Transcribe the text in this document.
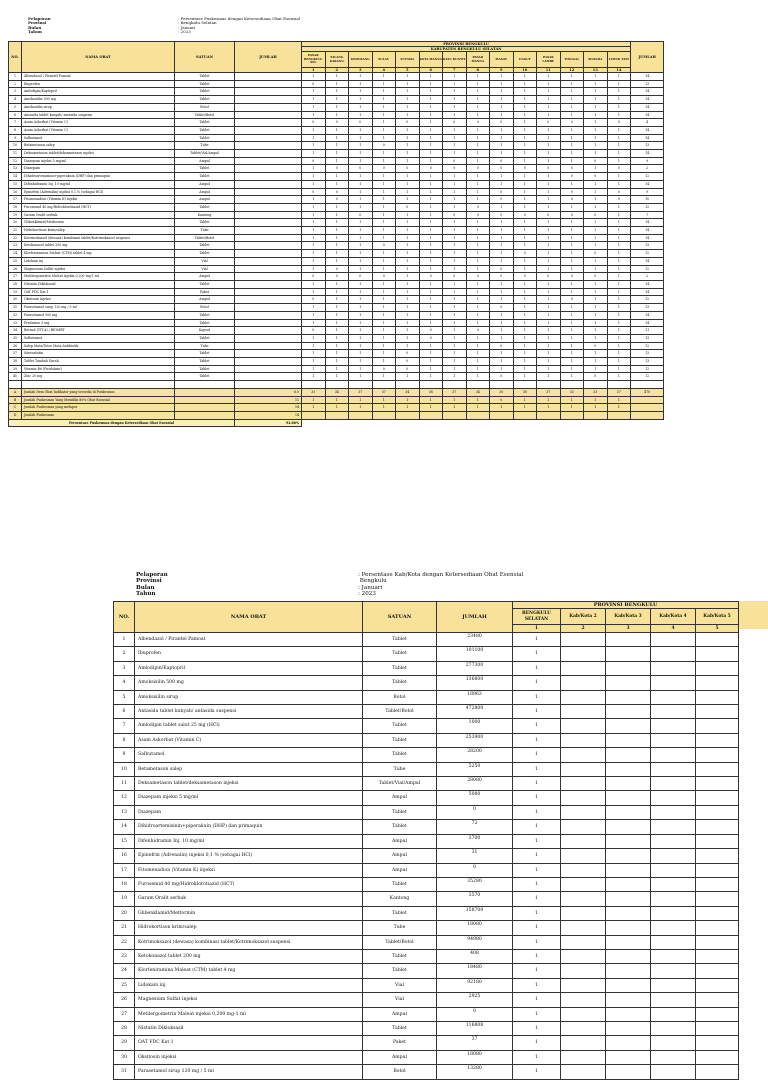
Pelaporan	: Persentase Puskesmas dengan Ketersediaan Obat Esensial
Provinsi	: Bengkulu Selatan
Bulan	: Januari
Tahun	: 2023
NO.	NAMA OBAT	SATUAN	JUMLAH	PROVINSI BENGKULU														JUMLAH
				KABUPATEN BENGKULU SELATAN														
				PASAR BENGKULU SEL	TALANG KARANG	KEDURANG	SULAU	SUTAMA	KOTA MANNA	KAYU KUNYIT	PASAR MANNA	MASAT	UNGUT	PASAR LAMBE	TINGGAL	SIGINDA	LUBUK TAPI	
				1	2	3	4	5	6	7	8	9	10	11	12	13	14	
1	Albendazol / Pirantel Pamoat	Tablet		1	1	1	1	1	1	1	1	1	1	1	1	1	1	14
2	Ibuprofen	Tablet		0	1	1	1	1	1	1	1	1	1	1	1	1	1	13
3	Amlodipin/Kaptopril	Tablet		1	1	1	1	1	1	1	1	1	1	1	1	1	1	14
4	Amoksisilin 500 mg	Tablet		1	1	1	1	1	1	1	1	1	1	1	1	1	1	14
5	Amoksisilin sirup	Botol		1	1	1	1	1	1	1	1	1	1	1	1	1	1	14
6	Antasida tablet kunyah/ antasida suspensi	Tablet/Botol		1	1	1	1	1	1	1	1	1	1	1	1	1	1	14
7	Asam Askorbat (Vitamin C)	Tablet		0	0	0	1	0	1	0	0	0	1	0	0	1	0	4
8	Asam Askorbat (Vitamin C)	Tablet		1	1	1	1	1	1	1	1	1	1	1	1	1	1	14
9	Salbutamol	Tablet		1	1	1	1	1	1	1	1	1	1	1	1	1	1	14
10	Betametason salep	Tube		1	1	1	0	1	1	1	1	1	1	1	1	1	1	13
11	Deksametason tablet/deksametason injeksi	Tablet/Vial/Ampul		1	1	1	1	1	1	1	1	1	1	1	1	1	1	14
12	Diazepam injeksi 5 mg/ml	Ampul		0	1	1	1	1	1	0	1	0	1	1	1	0	1	9
13	Diazepam	Tablet		1	0	0	0	0	0	0	0	0	0	0	0	1	0	2
14	Dihidroartemisinin+piperakuin (DHP) dan primaquin	Tablet		1	1	1	1	1	1	1	1	1	1	1	0	0	1	12
15	Difenhidramin Inj. 10 mg/ml	Ampul		1	1	1	1	1	1	1	1	1	1	1	1	1	1	14
16	Epinefrin (Adrenalin) injeksi 0,1 % (sebagai HCl)	Ampul		0	0	1	1	1	1	1	1	0	1	1	0	1	0	9
17	Fitomenadion (Vitamin K) injeksi	Ampul		1	0	1	1	1	1	1	1	0	1	1	0	1	0	10
18	Furosemid 40 mg/Hidroklorotiazid (HCT)	Tablet		1	1	1	1	0	1	1	0	1	1	1	1	1	1	12
19	Garam Oralit serbuk	Kantong		1	1	0	1	1	1	0	0	0	0	0	0	0	1	7
20	Glibenklamid/Metformin	Tablet		1	1	1	1	1	1	1	1	1	1	1	1	1	1	14
21	Hidrokortison krim/salep	Tube		1	1	1	1	1	1	1	1	1	1	1	1	1	1	14
22	Kotrimoksazol (dewasa) kombinasi tablet/Kotrimoksazol suspensi	Tablet/Botol		1	1	1	1	1	1	1	1	1	1	1	1	1	1	14
23	Ketokonazol tablet 200 mg	Tablet		1	1	1	0	1	1	1	1	1	1	1	1	1	1	13
24	Klorfeniramina Maleat (CTM) tablet 4 mg	Tablet		1	1	1	1	1	1	1	1	1	0	1	1	0	1	12
25	Lidokain inj	Vial		1	1	1	1	1	1	1	1	1	1	1	1	1	1	14
26	Magnesium Sulfat injeksi	Vial		1	0	1	1	1	1	1	1	0	1	1	1	1	1	12
27	Metilergometrin Maleat injeksi 0,200 mg-1 ml	Ampul		0	0	0	0	1	0	0	0	0	0	0	0	0	1	2
28	Nistatin Dikloksasil	Tablet		1	1	1	1	1	1	1	1	1	1	1	1	1	1	14
29	OAT FDC Kat 1	Paket		1	1	1	1	1	1	1	1	1	1	1	1	1	1	14
30	Oksitosin injeksi	Ampul		0	1	1	1	1	1	1	1	1	1	1	0	1	1	12
31	Parasetamol sirup 120 mg / 5 ml	Botol		1	1	1	1	1	1	1	1	0	1	1	1	1	1	13
32	Parasetamol 500 mg	Tablet		1	1	1	1	1	1	1	1	1	1	1	1	1	1	14
33	Prednison 5 mg	Tablet		1	1	1	1	1	1	1	1	1	1	1	1	1	1	14
34	Retinol (VIT.A) / BIOMBT	Kapsul		0	1	1	1	1	0	1	0	1	1	1	1	1	1	11
35	Salbutamol	Tablet		1	1	1	1	1	0	1	1	1	1	1	1	1	1	13
36	Salep Mata/Tetes Mata Antibiotik	Tube		1	1	1	1	1	1	1	1	0	1	1	1	0	1	12
37	Simvastatin	Tablet		1	1	1	1	0	1	1	1	1	1	1	1	1	1	13
38	Tablet Tambah Darah	Tablet		1	1	1	1	0	1	1	1	1	1	1	1	1	1	13
39	Vitamin B6 (Piridoksin)	Tablet		1	1	1	0	0	1	1	1	1	1	1	1	1	1	12
40	Zinc 20 mg	Tablet		1	1	1	1	1	1	1	1	0	1	1	1	0	1	12

A	Jumlah Item Obat Indikator yang tersedia di Puskesmas		6.0	33	34	37	37	34	38	37	34	30	38	37	33	33	37	470
B	Jumlah Puskesmas Yang Memiliki 80% Obat Esensial		11	1	1	1	1	1	1	1	1	0	1	1	1	1	1	
C	Jumlah Puskesmas yang melapor		14	1	1	1	1	1	1	1	1	1	1	1	1	1	1	
D	Jumlah Puskesmas		14															
Persentase Puskesmas dengan Ketersediaan Obat Esensial			92.86%															
Pelaporan	: Persentase Kab/Kota dengan Ketersediaan Obat Esensial
Provinsi	Bengkulu
Bulan	: Januari
Tahun	: 2023
NO.	NAMA OBAT	SATUAN	JUMLAH	PROVINSI BENGKULU				
				BENGKULU SELATAN	Kab/Kota 2	Kab/Kota 3	Kab/Kota 4	Kab/Kota 5
				1	2	3	4	5
1	Albendazol / Pirantel Pamoat	Tablet	23480	1				
2	Ibuprofen	Tablet	101100	1				
3	Amlodipin/Kaptopril	Tablet	277300	1				
4	Amoksisilin 500 mg	Tablet	136800	1				
5	Amoksisilin sirup	Botol	18963	1				
6	Antasida tablet kunyah/ antasida suspensi	Tablet/Botol	472800	1				
7	Amlodipin tablet salut 25 mg (HCl)	Tablet	1000	1				
8	Asam Askorbat (Vitamin C)	Tablet	253900	1				
9	Salbutamol	Tablet	28200	1				
10	Betametason salep	Tube	5250	1				
11	Deksametason tablet/deksametason injeksi	Tablet/Vial/Ampul	28080	1				
12	Diazepam injeksi 5 mg/ml	Ampul	5080	1				
13	Diazepam	Tablet	0	1				
14	Dihidroartemisinin+piperakuin (DHP) dan primaquin	Tablet	72	1				
15	Difenhidramin Inj. 10 mg/ml	Ampul	3700	1				
16	Epinefrin (Adrenalin) injeksi 0,1 % (sebagai HCl)	Ampul	31	1				
17	Fitomenadion (Vitamin K) injeksi	Ampul	0	1				
18	Furosemid 40 mg/Hidroklorotiazid (HCT)	Tablet	35280	1				
19	Garam Oralit serbuk	Kantong	3570	1				
20	Glibenklamid/Metformin	Tablet	158700	1				
21	Hidrokortison krim/salep	Tube	18080	1				
22	Kotrimoksazol (dewasa) kombinasi tablet/Kotrimoksazol suspensi	Tablet/Botol	94980	1				
23	Ketokonazol tablet 200 mg	Tablet	408	1				
24	Klorfeniramina Maleat (CTM) tablet 4 mg	Tablet	18480	1				
25	Lidokain inj	Vial	92180	1				
26	Magnesium Sulfat injeksi	Vial	2925	1				
27	Metilergometrin Maleat injeksi 0,200 mg-1 ml	Ampul	0	1				
28	Nistatin Dikloksasil	Tablet	116808	1				
29	OAT FDC Kat 1	Paket	37	1				
30	Oksitosin injeksi	Ampul	18080	1				
31	Parasetamol sirup 120 mg / 5 ml	Botol	13280	1				
